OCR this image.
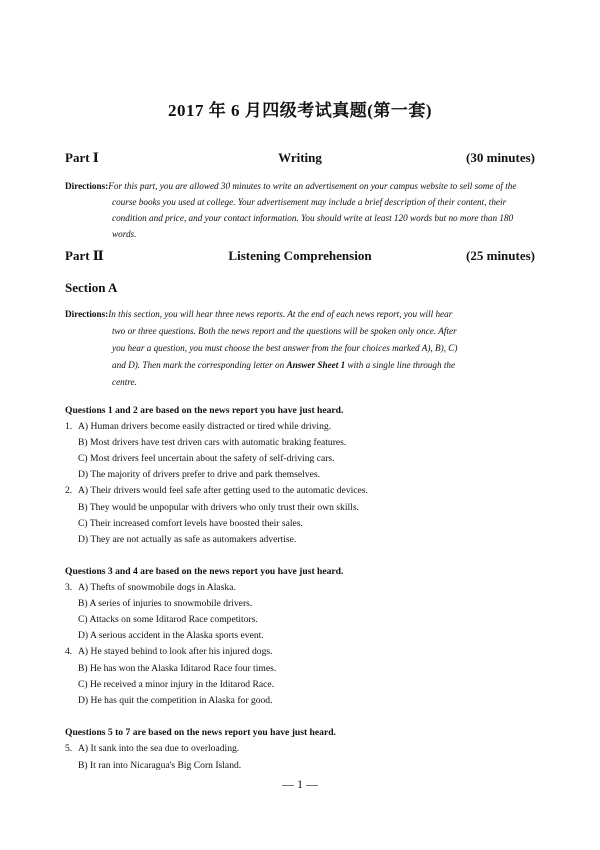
2017 年 6 月四级考试真题(第一套)
Part Ⅰ	Writing	(30 minutes)
Directions:For this part, you are allowed 30 minutes to write an advertisement on your campus website to sell some of the course books you used at college. Your advertisement may include a brief description of their content, their condition and price, and your contact information. You should write at least 120 words but no more than 180 words.
Part Ⅱ	Listening Comprehension	(25 minutes)
Section A
Directions:In this section, you will hear three news reports. At the end of each news report, you will hear two or three questions. Both the news report and the questions will be spoken only once. After you hear a question, you must choose the best answer from the four choices marked A), B), C) and D). Then mark the corresponding letter on Answer Sheet 1 with a single line through the centre.
Questions 1 and 2 are based on the news report you have just heard.
1. A) Human drivers become easily distracted or tired while driving.
B) Most drivers have test driven cars with automatic braking features.
C) Most drivers feel uncertain about the safety of self-driving cars.
D) The majority of drivers prefer to drive and park themselves.
2. A) Their drivers would feel safe after getting used to the automatic devices.
B) They would be unpopular with drivers who only trust their own skills.
C) Their increased comfort levels have boosted their sales.
D) They are not actually as safe as automakers advertise.
Questions 3 and 4 are based on the news report you have just heard.
3. A) Thefts of snowmobile dogs in Alaska.
B) A series of injuries to snowmobile drivers.
C) Attacks on some Iditarod Race competitors.
D) A serious accident in the Alaska sports event.
4. A) He stayed behind to look after his injured dogs.
B) He has won the Alaska Iditarod Race four times.
C) He received a minor injury in the Iditarod Race.
D) He has quit the competition in Alaska for good.
Questions 5 to 7 are based on the news report you have just heard.
5. A) It sank into the sea due to overloading.
B) It ran into Nicaragua's Big Corn Island.
— 1 —
